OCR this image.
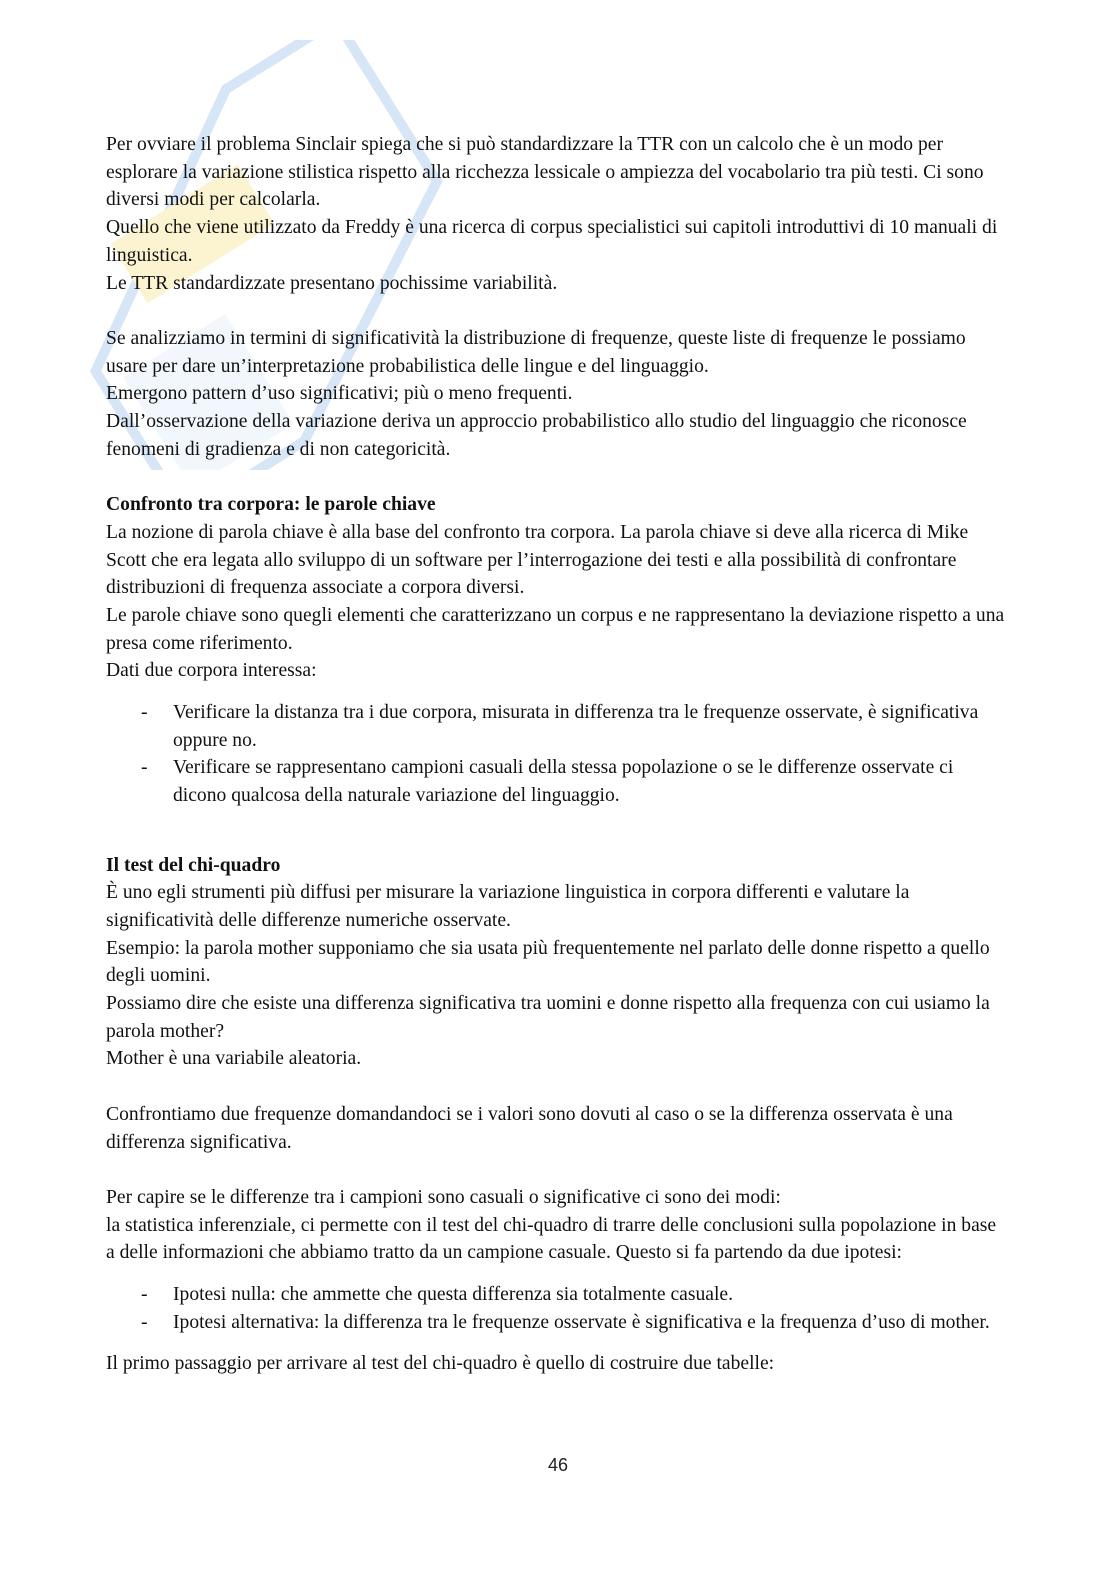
Per ovviare il problema Sinclair spiega che si può standardizzare la TTR con un calcolo che è un modo per esplorare la variazione stilistica rispetto alla ricchezza lessicale o ampiezza del vocabolario tra più testi. Ci sono diversi modi per calcolarla.

Quello che viene utilizzato da Freddy è una ricerca di corpus specialistici sui capitoli introduttivi di 10 manuali di linguistica.

Le TTR standardizzate presentano pochissime variabilità.

Se analizziamo in termini di significatività la distribuzione di frequenze, queste liste di frequenze le possiamo usare per dare un’interpretazione probabilistica delle lingue e del linguaggio.

Emergono pattern d’uso significativi; più o meno frequenti.

Dall’osservazione della variazione deriva un approccio probabilistico allo studio del linguaggio che riconosce fenomeni di gradienza e di non categoricità.

Confronto tra corpora: le parole chiave

La nozione di parola chiave è alla base del confronto tra corpora. La parola chiave si deve alla ricerca di Mike Scott che era legata allo sviluppo di un software per l’interrogazione dei testi e alla possibilità di confrontare distribuzioni di frequenza associate a corpora diversi.

Le parole chiave sono quegli elementi che caratterizzano un corpus e ne rappresentano la deviazione rispetto a una presa come riferimento.

Dati due corpora interessa:

- Verificare la distanza tra i due corpora, misurata in differenza tra le frequenze osservate, è significativa oppure no.
- Verificare se rappresentano campioni casuali della stessa popolazione o se le differenze osservate ci dicono qualcosa della naturale variazione del linguaggio.

Il test del chi-quadro

È uno egli strumenti più diffusi per misurare la variazione linguistica in corpora differenti e valutare la significatività delle differenze numeriche osservate.

Esempio: la parola mother supponiamo che sia usata più frequentemente nel parlato delle donne rispetto a quello degli uomini.

Possiamo dire che esiste una differenza significativa tra uomini e donne rispetto alla frequenza con cui usiamo la parola mother?

Mother è una variabile aleatoria.

Confrontiamo due frequenze domandandoci se i valori sono dovuti al caso o se la differenza osservata è una differenza significativa.

Per capire se le differenze tra i campioni sono casuali o significative ci sono dei modi:

la statistica inferenziale, ci permette con il test del chi-quadro di trarre delle conclusioni sulla popolazione in base a delle informazioni che abbiamo tratto da un campione casuale. Questo si fa partendo da due ipotesi:

- Ipotesi nulla: che ammette che questa differenza sia totalmente casuale.
- Ipotesi alternativa: la differenza tra le frequenze osservate è significativa e la frequenza d’uso di mother.

Il primo passaggio per arrivare al test del chi-quadro è quello di costruire due tabelle:

46
